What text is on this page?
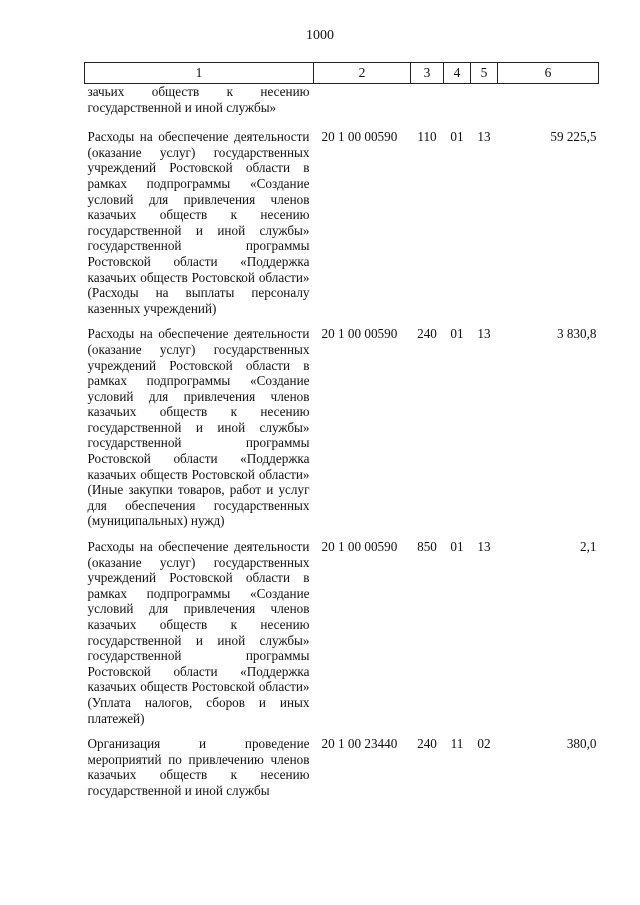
1000
1	2	3	4	5	6
зачьих обществ к несению государственной и иной службы»					
Расходы на обеспечение деятельности (оказание услуг) государственных учреждений Ростовской области в рамках подпрограммы «Создание условий для привлечения членов казачьих обществ к несению государственной и иной службы» государственной программы Ростовской области «Поддержка казачьих обществ Ростовской области» (Расходы на выплаты персоналу казенных учреждений)	20 1 00 00590	110	01	13	59 225,5
Расходы на обеспечение деятельности (оказание услуг) государственных учреждений Ростовской области в рамках подпрограммы «Создание условий для привлечения членов казачьих обществ к несению государственной и иной службы» государственной программы Ростовской области «Поддержка казачьих обществ Ростовской области» (Иные закупки товаров, работ и услуг для обеспечения государственных (муниципальных) нужд)	20 1 00 00590	240	01	13	3 830,8
Расходы на обеспечение деятельности (оказание услуг) государственных учреждений Ростовской области в рамках подпрограммы «Создание условий для привлечения членов казачьих обществ к несению государственной и иной службы» государственной программы Ростовской области «Поддержка казачьих обществ Ростовской области» (Уплата налогов, сборов и иных платежей)	20 1 00 00590	850	01	13	2,1
Организация и проведение мероприятий по привлечению членов казачьих обществ к несению государственной и иной службы	20 1 00 23440	240	11	02	380,0
